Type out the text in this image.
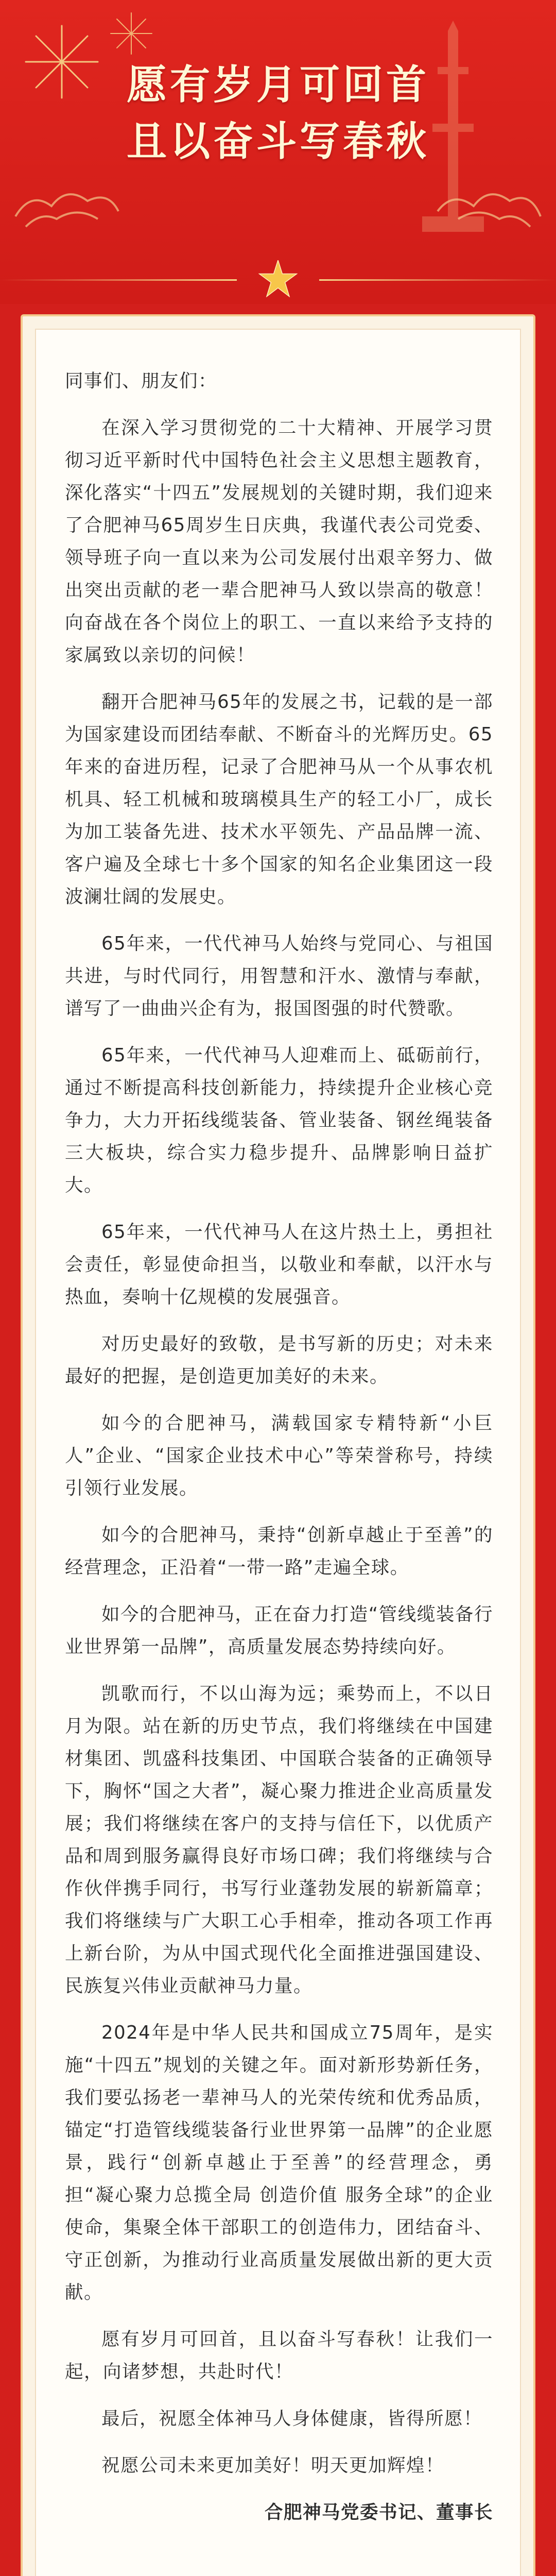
愿有岁月可回首
且以奋斗写春秋

同事们、朋友们：

在深入学习贯彻党的二十大精神、开展学习贯彻习近平新时代中国特色社会主义思想主题教育，深化落实“十四五”发展规划的关键时期，我们迎来了合肥神马65周岁生日庆典，我谨代表公司党委、领导班子向一直以来为公司发展付出艰辛努力、做出突出贡献的老一辈合肥神马人致以崇高的敬意！向奋战在各个岗位上的职工、一直以来给予支持的家属致以亲切的问候！

翻开合肥神马65年的发展之书，记载的是一部为国家建设而团结奉献、不断奋斗的光辉历史。65年来的奋进历程，记录了合肥神马从一个从事农机机具、轻工机械和玻璃模具生产的轻工小厂，成长为加工装备先进、技术水平领先、产品品牌一流、客户遍及全球七十多个国家的知名企业集团这一段波澜壮阔的发展史。

65年来，一代代神马人始终与党同心、与祖国共进，与时代同行，用智慧和汗水、激情与奉献，谱写了一曲曲兴企有为，报国图强的时代赞歌。

65年来，一代代神马人迎难而上、砥砺前行，通过不断提高科技创新能力，持续提升企业核心竞争力，大力开拓线缆装备、管业装备、钢丝绳装备三大板块，综合实力稳步提升、品牌影响日益扩大。

65年来，一代代神马人在这片热土上，勇担社会责任，彰显使命担当，以敬业和奉献，以汗水与热血，奏响十亿规模的发展强音。

对历史最好的致敬，是书写新的历史；对未来最好的把握，是创造更加美好的未来。

如今的合肥神马，满载国家专精特新“小巨人”企业、“国家企业技术中心”等荣誉称号，持续引领行业发展。

如今的合肥神马，秉持“创新卓越止于至善”的经营理念，正沿着“一带一路”走遍全球。

如今的合肥神马，正在奋力打造“管线缆装备行业世界第一品牌”，高质量发展态势持续向好。

凯歌而行，不以山海为远；乘势而上，不以日月为限。站在新的历史节点，我们将继续在中国建材集团、凯盛科技集团、中国联合装备的正确领导下，胸怀“国之大者”，凝心聚力推进企业高质量发展；我们将继续在客户的支持与信任下，以优质产品和周到服务赢得良好市场口碑；我们将继续与合作伙伴携手同行，书写行业蓬勃发展的崭新篇章；我们将继续与广大职工心手相牵，推动各项工作再上新台阶，为从中国式现代化全面推进强国建设、民族复兴伟业贡献神马力量。

2024年是中华人民共和国成立75周年，是实施“十四五”规划的关键之年。面对新形势新任务，我们要弘扬老一辈神马人的光荣传统和优秀品质，锚定“打造管线缆装备行业世界第一品牌”的企业愿景，践行“创新卓越止于至善”的经营理念，勇担“凝心聚力总揽全局 创造价值 服务全球”的企业使命，集聚全体干部职工的创造伟力，团结奋斗、守正创新，为推动行业高质量发展做出新的更大贡献。

愿有岁月可回首，且以奋斗写春秋！让我们一起，向诸梦想，共赴时代！

最后，祝愿全体神马人身体健康，皆得所愿！

祝愿公司未来更加美好！明天更加辉煌！

合肥神马党委书记、董事长
